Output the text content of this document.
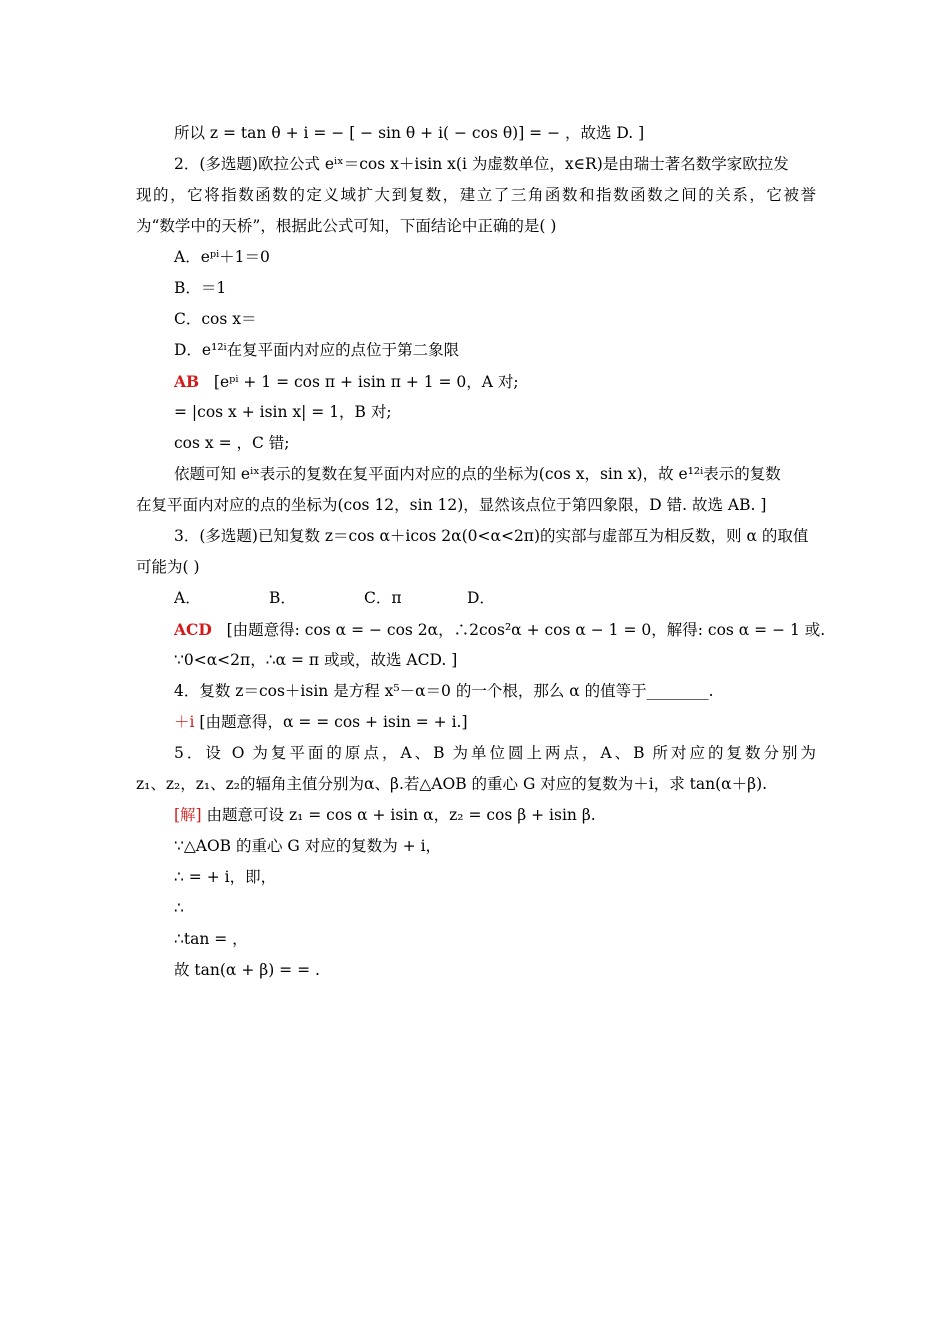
所以 z = tan θ + i = − [ − sin θ + i( − cos θ)] = − ，故选 D. ]
2．(多选题)欧拉公式 eⁱˣ＝cos x＋isin x(i 为虚数单位，x∈R)是由瑞士著名数学家欧拉发
现的，它将指数函数的定义域扩大到复数，建立了三角函数和指数函数之间的关系，它被誉
为“数学中的天桥”，根据此公式可知，下面结论中正确的是( )
A．eᵖⁱ＋1＝0
B．＝1
C．cos x＝
D．e¹²ⁱ在复平面内对应的点位于第二象限
AB [eᵖⁱ + 1 = cos π + isin π + 1 = 0，A 对;
= |cos x + isin x| = 1，B 对;
cos x = ，C 错;
依题可知 eⁱˣ表示的复数在复平面内对应的点的坐标为(cos x，sin x)，故 e¹²ⁱ表示的复数
在复平面内对应的点的坐标为(cos 12，sin 12)，显然该点位于第四象限，D 错. 故选 AB. ]
3．(多选题)已知复数 z＝cos α＋icos 2α(0<α<2π)的实部与虚部互为相反数，则 α 的取值
可能为( )
A．	B．	C．π	D．
ACD [由题意得: cos α = − cos 2α，∴2cos²α + cos α − 1 = 0，解得: cos α = − 1 或.
∵0<α<2π，∴α = π 或或，故选 ACD. ]
4．复数 z＝cos＋isin 是方程 x⁵－α＝0 的一个根，那么 α 的值等于________.
＋i [由题意得，α = = cos + isin = + i.]
5．设 O 为复平面的原点，A、B 为单位圆上两点，A、B 所对应的复数分别为
z₁、z₂，z₁、z₂的辐角主值分别为α、β.若△AOB 的重心 G 对应的复数为＋i，求 tan(α＋β).
[解] 由题意可设 z₁ = cos α + isin α，z₂ = cos β + isin β.
∵△AOB 的重心 G 对应的复数为 + i，
∴ = + i，即，
∴
∴tan = ，
故 tan(α + β) = = .
